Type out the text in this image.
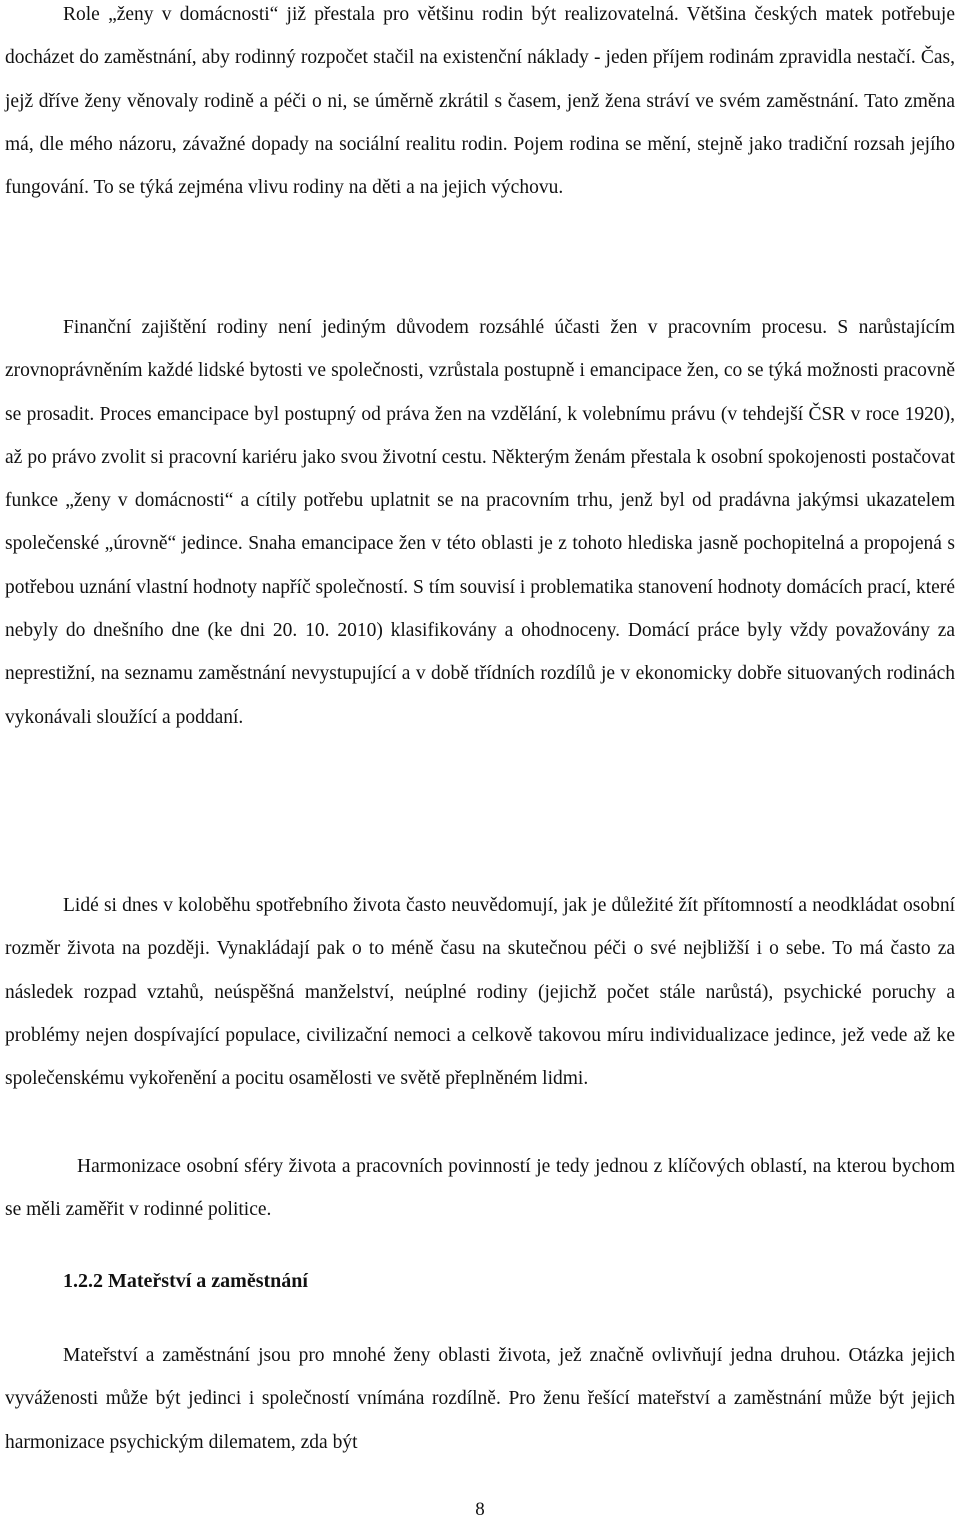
Role „ženy v domácnosti“ již přestala pro většinu rodin být realizovatelná. Většina českých matek potřebuje docházet do zaměstnání, aby rodinný rozpočet stačil na existenční náklady - jeden příjem rodinám zpravidla nestačí. Čas, jejž dříve ženy věnovaly rodině a péči o ni, se úměrně zkrátil s časem, jenž žena stráví ve svém zaměstnání. Tato změna má, dle mého názoru, závažné dopady na sociální realitu rodin. Pojem rodina se mění, stejně jako tradiční rozsah jejího fungování. To se týká zejména vlivu rodiny na děti a na jejich výchovu.

Finanční zajištění rodiny není jediným důvodem rozsáhlé účasti žen v pracovním procesu. S narůstajícím zrovnoprávněním každé lidské bytosti ve společnosti, vzrůstala postupně i emancipace žen, co se týká možnosti pracovně se prosadit. Proces emancipace byl postupný od práva žen na vzdělání, k volebnímu právu (v tehdejší ČSR v roce 1920), až po právo zvolit si pracovní kariéru jako svou životní cestu. Některým ženám přestala k osobní spokojenosti postačovat funkce „ženy v domácnosti“ a cítily potřebu uplatnit se na pracovním trhu, jenž byl od pradávna jakýmsi ukazatelem společenské „úrovně“ jedince. Snaha emancipace žen v této oblasti je z tohoto hlediska jasně pochopitelná a propojená s potřebou uznání vlastní hodnoty napříč společností. S tím souvisí i problematika stanovení hodnoty domácích prací, které nebyly do dnešního dne (ke dni 20. 10. 2010) klasifikovány a ohodnoceny. Domácí práce byly vždy považovány za neprestižní, na seznamu zaměstnání nevystupující a v době třídních rozdílů je v ekonomicky dobře situovaných rodinách vykonávali sloužící a poddaní.

Lidé si dnes v koloběhu spotřebního života často neuvědomují, jak je důležité žít přítomností a neodkládat osobní rozměr života na později. Vynakládají pak o to méně času na skutečnou péči o své nejbližší i o sebe. To má často za následek rozpad vztahů, neúspěšná manželství, neúplné rodiny (jejichž počet stále narůstá), psychické poruchy a problémy nejen dospívající populace, civilizační nemoci a celkově takovou míru individualizace jedince, jež vede až ke společenskému vykořenění a pocitu osamělosti ve světě přeplněném lidmi.

Harmonizace osobní sféry života a pracovních povinností je tedy jednou z klíčových oblastí, na kterou bychom se měli zaměřit v rodinné politice.

1.2.2 Mateřství a zaměstnání

Mateřství a zaměstnání jsou pro mnohé ženy oblasti života, jež značně ovlivňují jedna druhou. Otázka jejich vyváženosti může být jedinci i společností vnímána rozdílně. Pro ženu řešící mateřství a zaměstnání může být jejich harmonizace psychickým dilematem, zda být

8
